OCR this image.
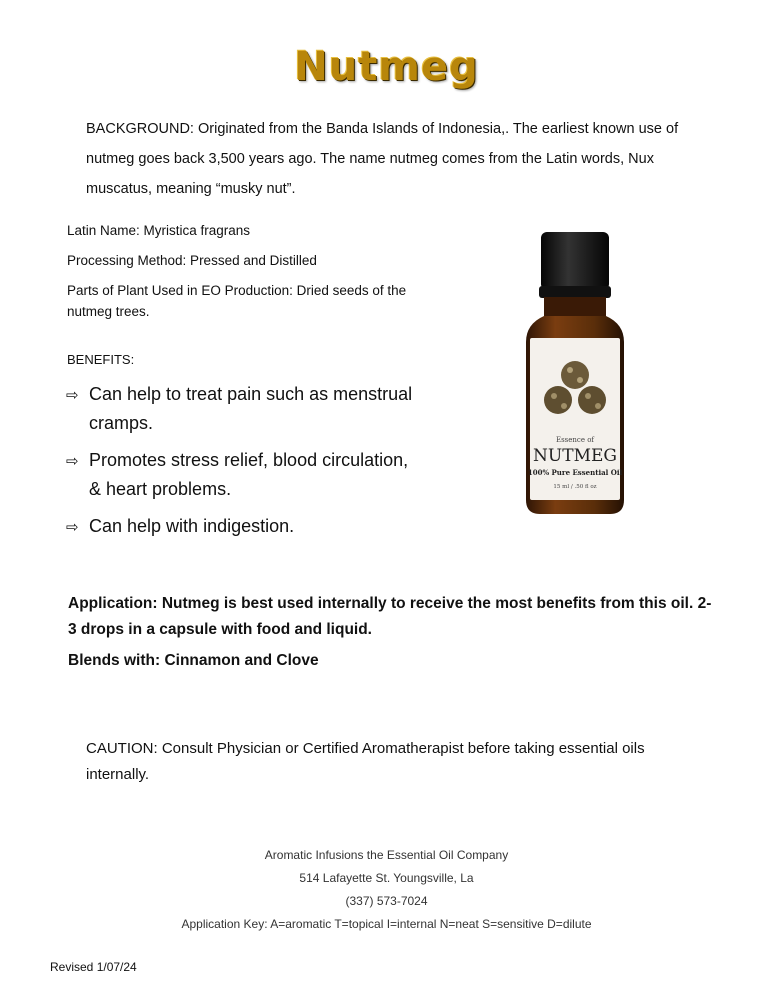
Nutmeg
BACKGROUND: Originated from the Banda Islands of Indonesia,. The earliest known use of nutmeg goes back 3,500 years ago. The name nutmeg comes from the Latin words, Nux muscatus, meaning “musky nut”.

Latin Name: Myristica fragrans

Processing Method: Pressed and Distilled

Parts of Plant Used in EO Production: Dried seeds of the nutmeg trees.

BENEFITS:
⇨ Can help to treat pain such as menstrual cramps.
⇨ Promotes stress relief, blood circulation, & heart problems.
⇨ Can help with indigestion.
Essence of
NUTMEG
100% Pure Essential Oil
15 ml / .50 fl oz
Application: Nutmeg is best used internally to receive the most benefits from this oil. 2-3 drops in a capsule with food and liquid.
Blends with: Cinnamon and Clove
CAUTION: Consult Physician or Certified Aromatherapist before taking essential oils internally.

Aromatic Infusions the Essential Oil Company

514 Lafayette St. Youngsville, La

(337) 573-7024

Application Key: A=aromatic T=topical I=internal N=neat S=sensitive D=dilute

Revised 1/07/24
